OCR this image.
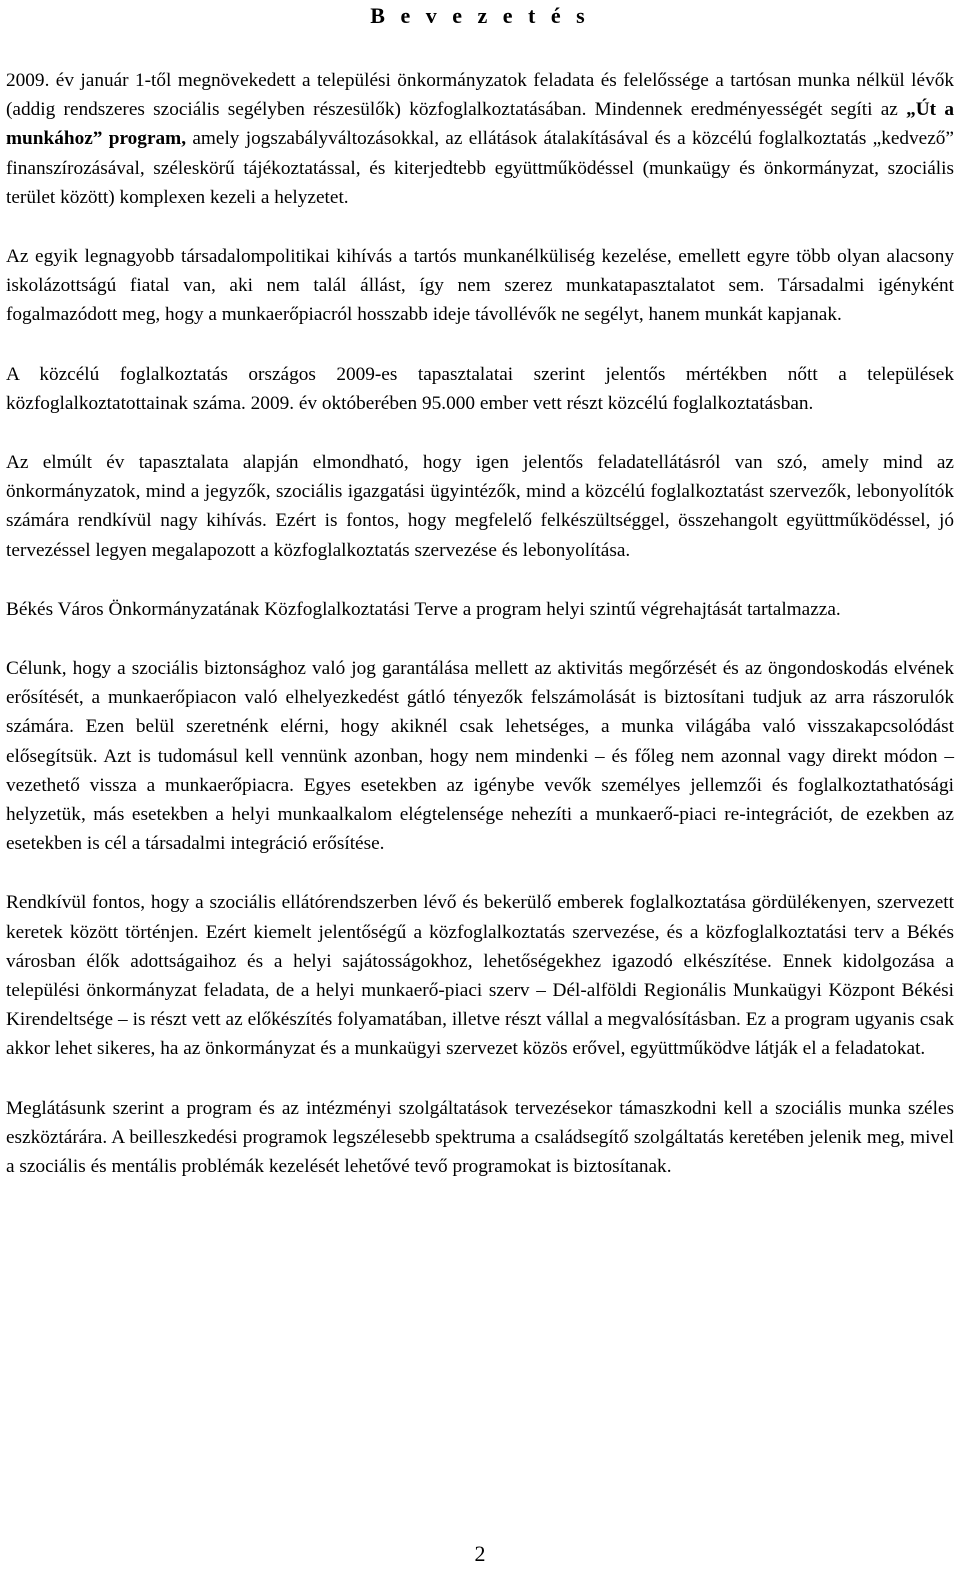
B e v e z e t é s

2009. év január 1-től megnövekedett a települési önkormányzatok feladata és felelőssége a tartósan munka nélkül lévők (addig rendszeres szociális segélyben részesülők) közfoglalkoztatásában. Mindennek eredményességét segíti az „Út a munkához” program, amely jogszabályváltozásokkal, az ellátások átalakításával és a közcélú foglalkoztatás „kedvező” finanszírozásával, széleskörű tájékoztatással, és kiterjedtebb együttműködéssel (munkaügy és önkormányzat, szociális terület között) komplexen kezeli a helyzetet.

Az egyik legnagyobb társadalompolitikai kihívás a tartós munkanélküliség kezelése, emellett egyre több olyan alacsony iskolázottságú fiatal van, aki nem talál állást, így nem szerez munkatapasztalatot sem. Társadalmi igényként fogalmazódott meg, hogy a munkaerőpiacról hosszabb ideje távollévők ne segélyt, hanem munkát kapjanak.

A közcélú foglalkoztatás országos 2009-es tapasztalatai szerint jelentős mértékben nőtt a települések közfoglalkoztatottainak száma. 2009. év októberében 95.000 ember vett részt közcélú foglalkoztatásban.

Az elmúlt év tapasztalata alapján elmondható, hogy igen jelentős feladatellátásról van szó, amely mind az önkormányzatok, mind a jegyzők, szociális igazgatási ügyintézők, mind a közcélú foglalkoztatást szervezők, lebonyolítók számára rendkívül nagy kihívás. Ezért is fontos, hogy megfelelő felkészültséggel, összehangolt együttműködéssel, jó tervezéssel legyen megalapozott a közfoglalkoztatás szervezése és lebonyolítása.

Békés Város Önkormányzatának Közfoglalkoztatási Terve a program helyi szintű végrehajtását tartalmazza.

Célunk, hogy a szociális biztonsághoz való jog garantálása mellett az aktivitás megőrzését és az öngondoskodás elvének erősítését, a munkaerőpiacon való elhelyezkedést gátló tényezők felszámolását is biztosítani tudjuk az arra rászorulók számára. Ezen belül szeretnénk elérni, hogy akiknél csak lehetséges, a munka világába való visszakapcsolódást elősegítsük. Azt is tudomásul kell vennünk azonban, hogy nem mindenki – és főleg nem azonnal vagy direkt módon – vezethető vissza a munkaerőpiacra. Egyes esetekben az igénybe vevők személyes jellemzői és foglalkoztathatósági helyzetük, más esetekben a helyi munkaalkalom elégtelensége nehezíti a munkaerő-piaci re-integrációt, de ezekben az esetekben is cél a társadalmi integráció erősítése.

Rendkívül fontos, hogy a szociális ellátórendszerben lévő és bekerülő emberek foglalkoztatása gördülékenyen, szervezett keretek között történjen. Ezért kiemelt jelentőségű a közfoglalkoztatás szervezése, és a közfoglalkoztatási terv a Békés városban élők adottságaihoz és a helyi sajátosságokhoz, lehetőségekhez igazodó elkészítése. Ennek kidolgozása a települési önkormányzat feladata, de a helyi munkaerő-piaci szerv – Dél-alföldi Regionális Munkaügyi Központ Békési Kirendeltsége – is részt vett az előkészítés folyamatában, illetve részt vállal a megvalósításban. Ez a program ugyanis csak akkor lehet sikeres, ha az önkormányzat és a munkaügyi szervezet közös erővel, együttműködve látják el a feladatokat.

Meglátásunk szerint a program és az intézményi szolgáltatások tervezésekor támaszkodni kell a szociális munka széles eszköztárára. A beilleszkedési programok legszélesebb spektruma a családsegítő szolgáltatás keretében jelenik meg, mivel a szociális és mentális problémák kezelését lehetővé tevő programokat is biztosítanak.

2
